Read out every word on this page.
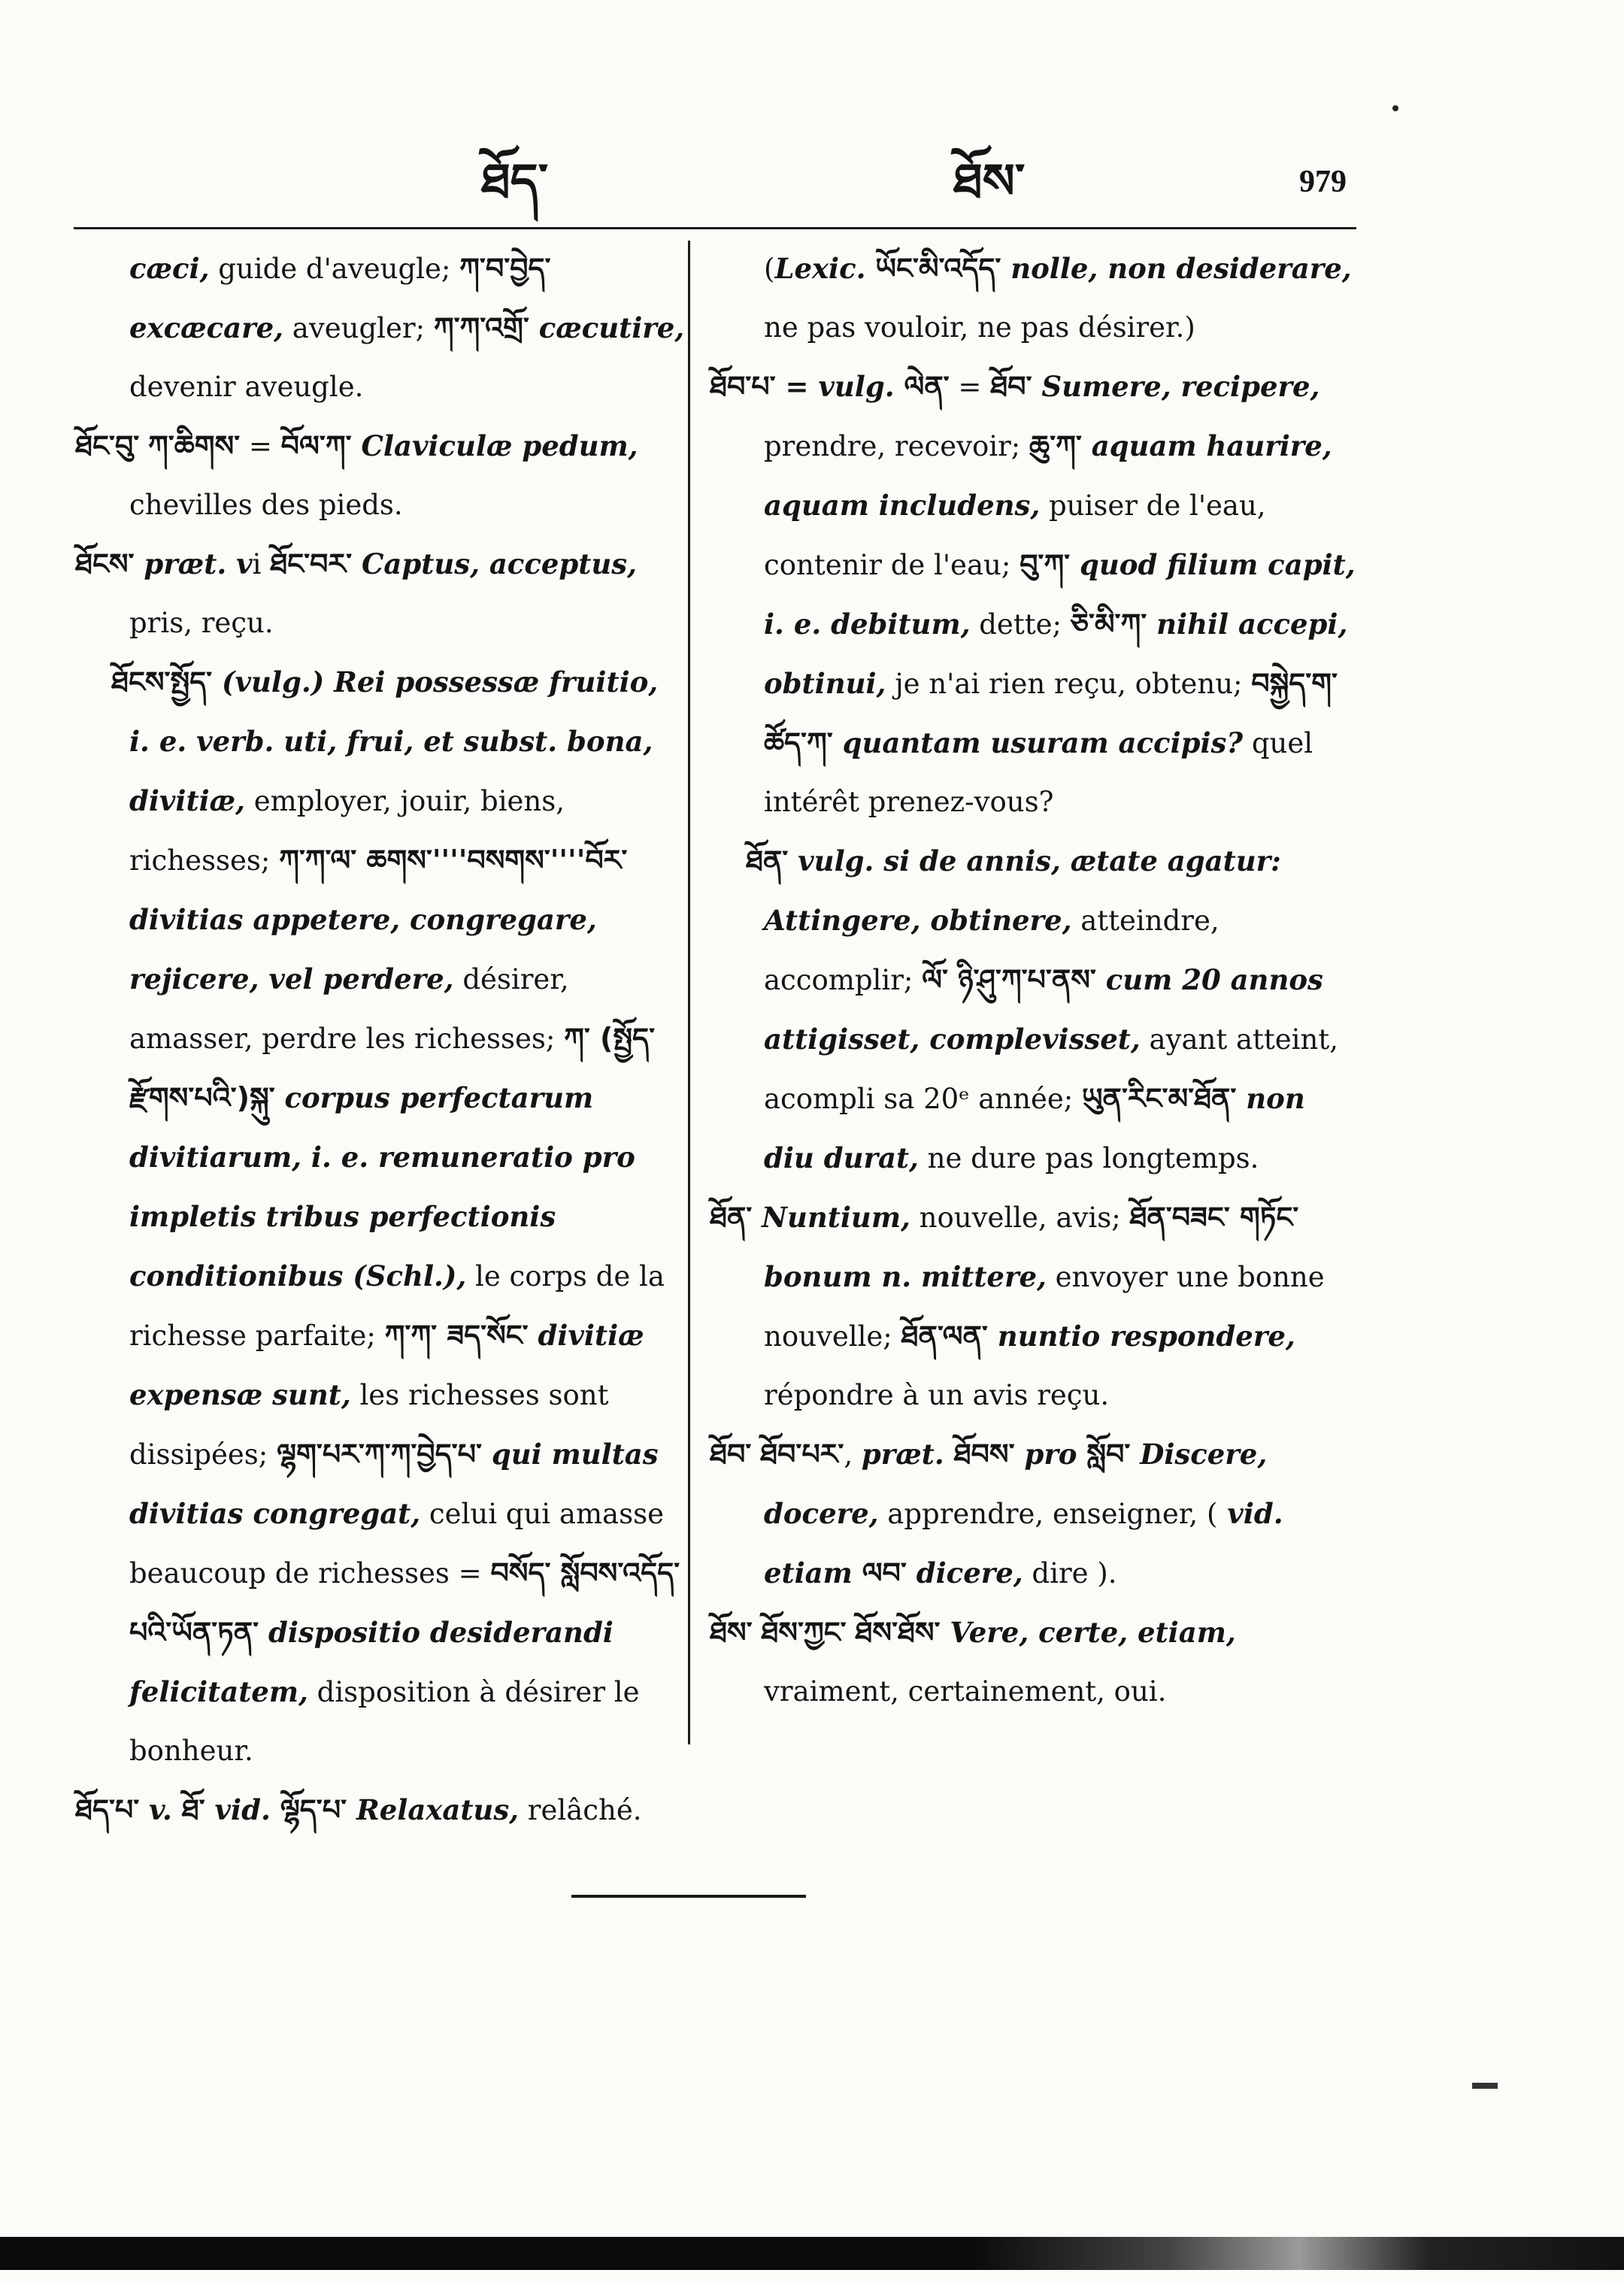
ཐོད་	ཐོས་	979

cæci, guide d'aveugle; ཀ་བ་བྱེད་ excæcare, aveugler; ཀ་ཀ་འགྲོ་ cæcutire, devenir aveugle.

ཐོང་བུ་ ཀ་ཆིགས་ = བོལ་ཀ་ Claviculæ pedum, chevilles des pieds.

ཐོངས་ præt. vi ཐོང་བར་ Captus, acceptus, pris, reçu.

ཐོངས་སྤྱོད་ (vulg.) Rei possessæ fruitio, i. e. verb. uti, frui, et subst. bona, divitiæ, employer, jouir, biens, richesses; ཀ་ཀ་ལ་ ཆགས་''''བསགས་''''བོར་ divitias appetere, congregare, rejicere, vel perdere, désirer, amasser, perdre les richesses; ཀ་ (སྤྱོད་རྫོགས་པའི་)སྐུ་ corpus perfectarum divitiarum, i. e. remuneratio pro impletis tribus perfectionis conditionibus (Schl.), le corps de la richesse parfaite; ཀ་ཀ་ ཟད་སོང་ divitiæ expensæ sunt, les richesses sont dissipées; ལྷག་པར་ཀ་ཀ་བྱེད་པ་ qui multas divitias congregat, celui qui amasse beaucoup de richesses = བསོད་ སློབས་འདོད་པའི་ཡོན་ཏན་ dispositio desiderandi felicitatem, disposition à désirer le bonheur.

ཐོད་པ་ v. ཐོ་ vid. ལྷོད་པ་ Relaxatus, relâché.

(Lexic. ཡོང་མི་འདོད་ nolle, non desiderare, ne pas vouloir, ne pas désirer.)

ཐོབ་པ་ = vulg. ལེན་ = ཐོབ་ Sumere, recipere, prendre, recevoir; ཆུ་ཀ་ aquam haurire, aquam includens, puiser de l'eau, contenir de l'eau; བུ་ཀ་ quod filium capit, i. e. debitum, dette; ཅི་མི་ཀ་ nihil accepi, obtinui, je n'ai rien reçu, obtenu; བསྐྱེད་ག་ཚོད་ཀ་ quantam usuram accipis? quel intérêt prenez-vous?

ཐོན་ vulg. si de annis, ætate agatur: Attingere, obtinere, atteindre, accomplir; ལོ་ ཉི་ཤུ་ཀ་པ་ནས་ cum 20 annos attigisset, complevisset, ayant atteint, acompli sa 20ᵉ année; ཡུན་རིང་མ་ཐོན་ non diu durat, ne dure pas longtemps.

ཐོན་ Nuntium, nouvelle, avis; ཐོན་བཟང་ གཏོང་ bonum n. mittere, envoyer une bonne nouvelle; ཐོན་ལན་ nuntio respondere, répondre à un avis reçu.

ཐོབ་ ཐོབ་པར་, præt. ཐོབས་ pro སློབ་ Discere, docere, apprendre, enseigner, ( vid. etiam ལབ་ dicere, dire ).

ཐོས་ ཐོས་ཀྱང་ ཐོས་ཐོས་ Vere, certe, etiam, vraiment, certainement, oui.
